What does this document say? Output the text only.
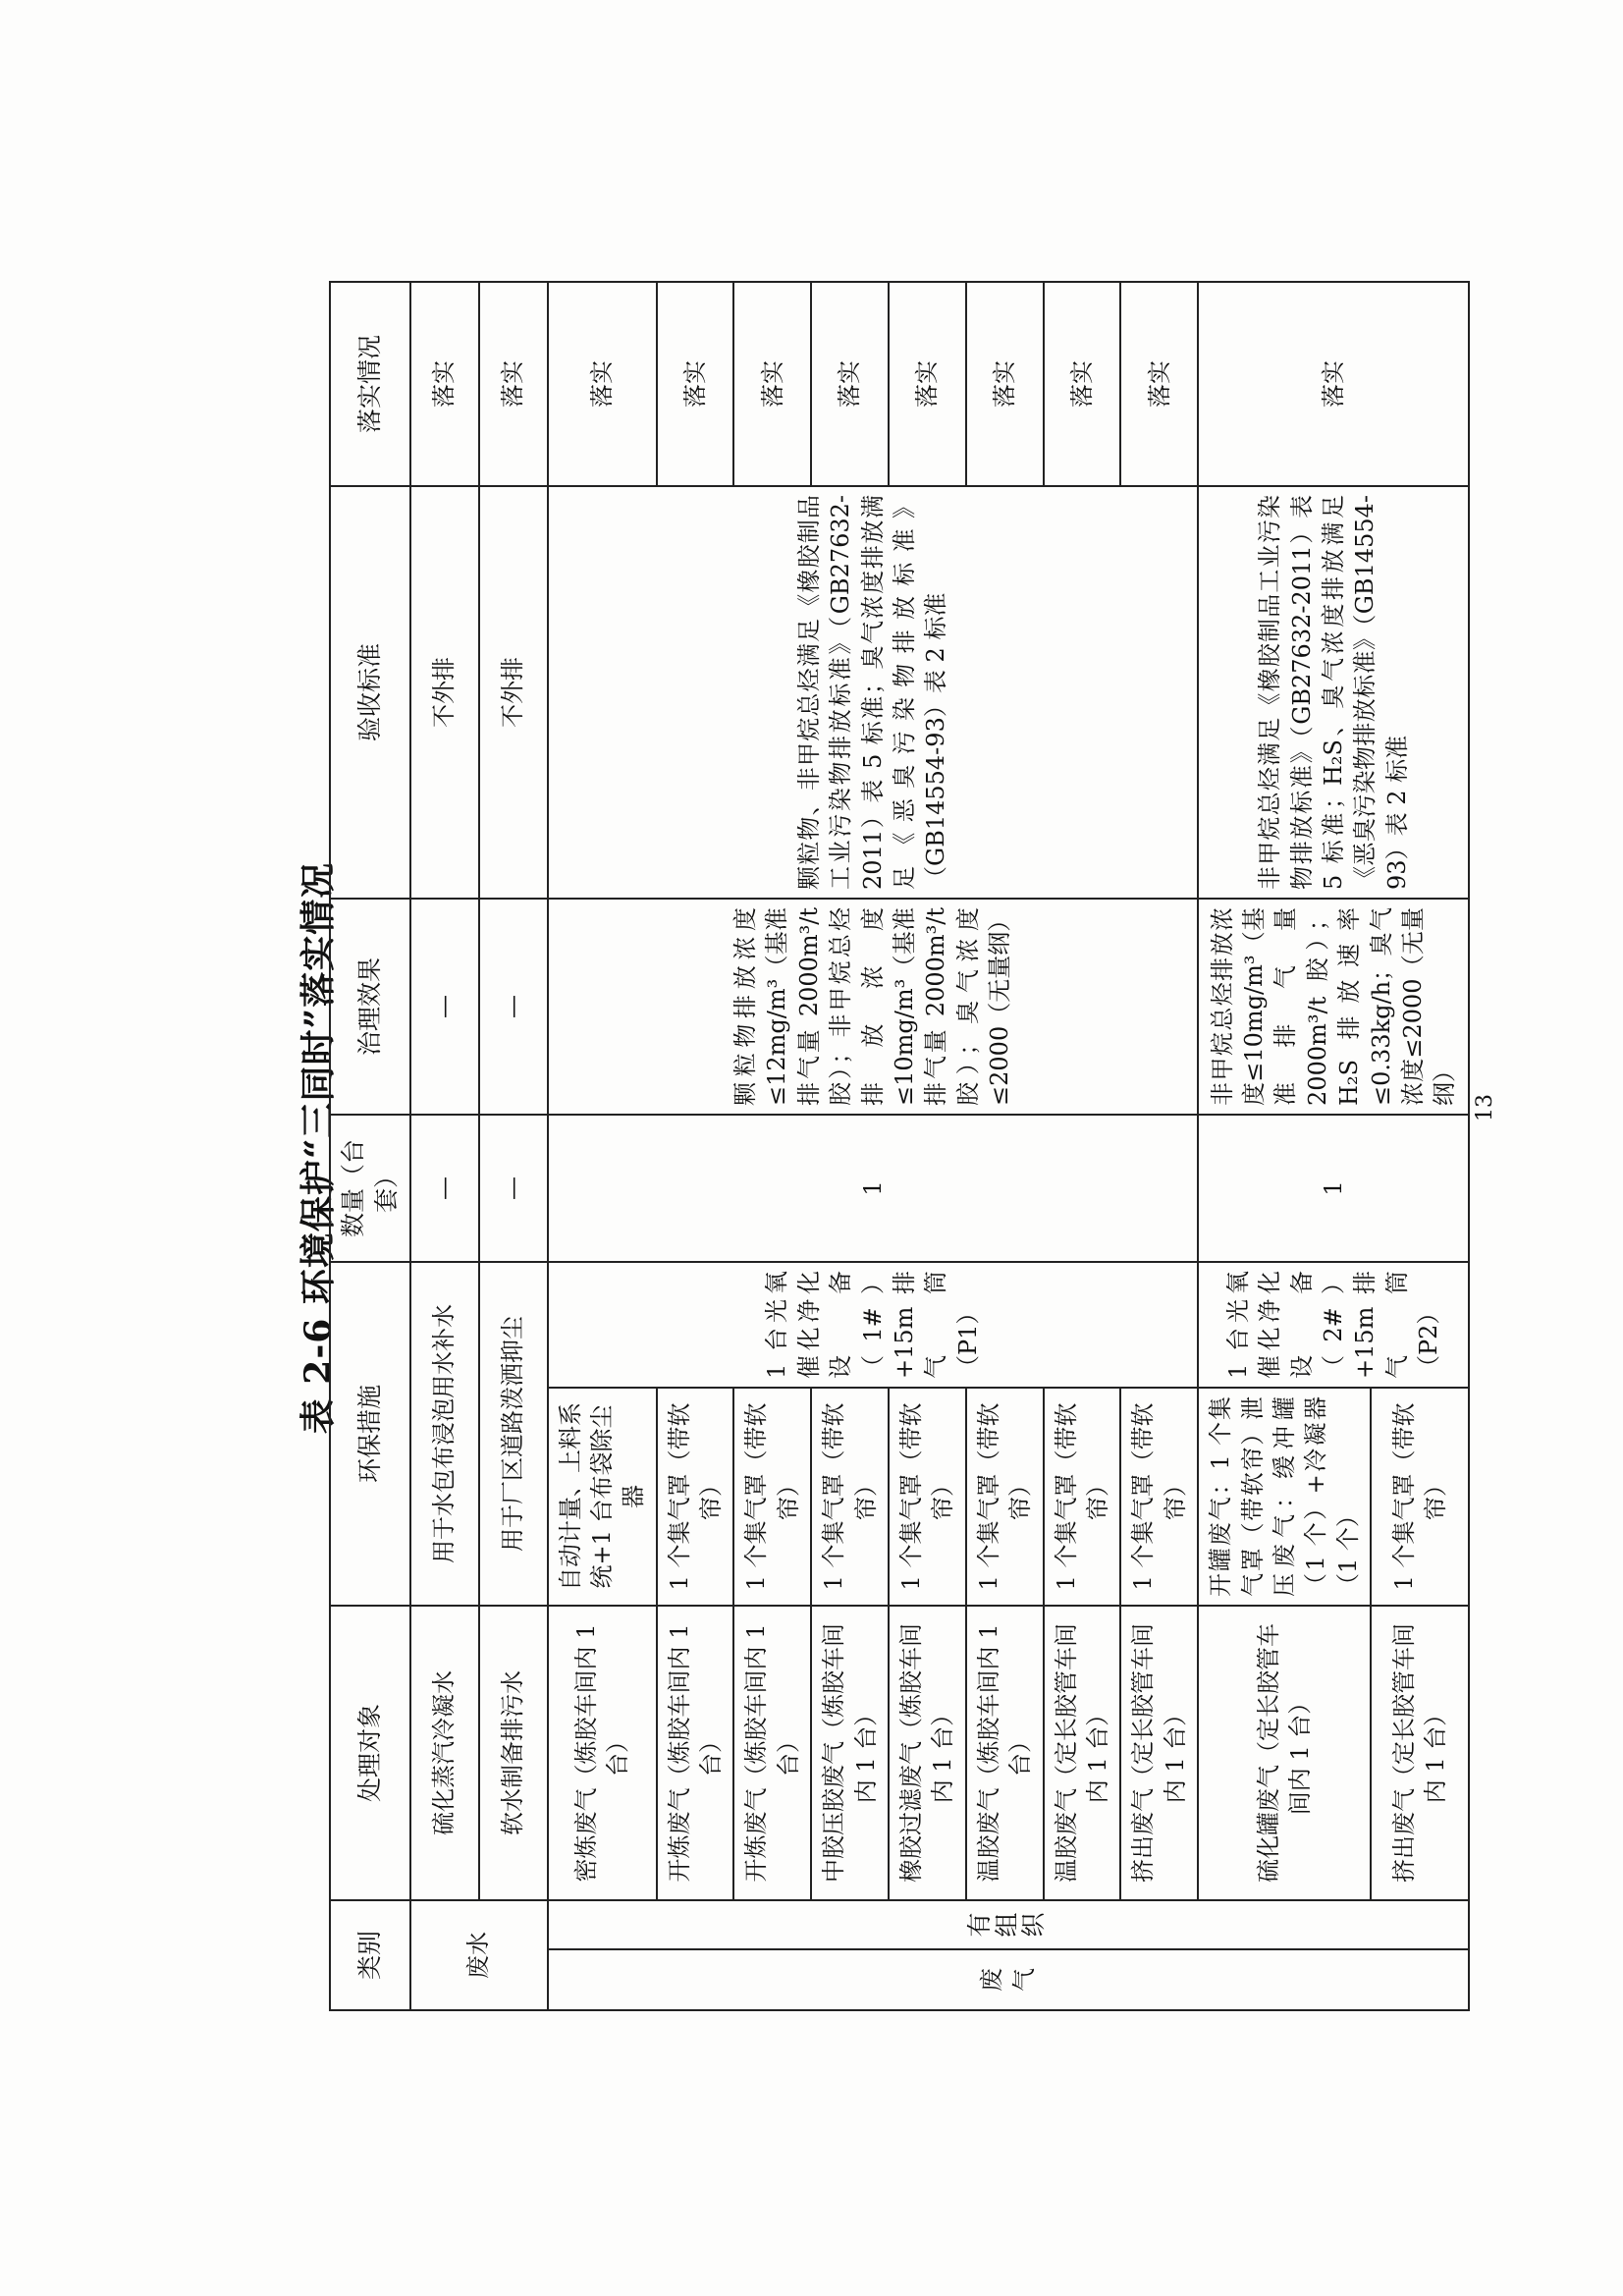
表 2-6 环境保护“三同时”落实情况
类别		处理对象	环保措施		数量（台套）	治理效果	验收标准	落实情况
废水		硫化蒸汽冷凝水	用于水包布浸泡用水补水		—	—	不外排	落实
		软水制备排污水	用于厂区道路泼洒抑尘		—	—	不外排	落实
废气	有组织	密炼废气（炼胶车间内 1 台）	自动计量、上料系统+1 台布袋除尘器	1 台光氧催化净化设备（1#）+15m 排气筒（P1）	1	颗粒物排放浓度≤12mg/m³（基准排气量 2000m³/t 胶）；非甲烷总烃排放浓度≤10mg/m³（基准排气量 2000m³/t 胶）；臭气浓度≤2000（无量纲）	颗粒物、非甲烷总烃满足《橡胶制品工业污染物排放标准》（GB27632-2011）表 5 标准；臭气浓度排放满足《恶臭污染物排放标准》（GB14554-93）表 2 标准	落实
		开炼废气（炼胶车间内 1 台）	1 个集气罩（带软帘）					落实
		开炼废气（炼胶车间内 1 台）	1 个集气罩（带软帘）					落实
		中胶压胶废气（炼胶车间内 1 台）	1 个集气罩（带软帘）					落实
		橡胶过滤废气（炼胶车间内 1 台）	1 个集气罩（带软帘）					落实
		温胶废气（炼胶车间内 1 台）	1 个集气罩（带软帘）					落实
		温胶废气（定长胶管车间内 1 台）	1 个集气罩（带软帘）					落实
		挤出废气（定长胶管车间内 1 台）	1 个集气罩（带软帘）					落实
		硫化罐废气（定长胶管车间内 1 台）	开罐废气：1 个集气罩（带软帘）泄压废气：缓冲罐（1 个）+冷凝器（1 个）	1 台光氧催化净化设备（2#）+15m 排气筒（P2）	1	非甲烷总烃排放浓度≤10mg/m³（基准排气量 2000m³/t 胶）；H₂S 排放速率≤0.33kg/h；臭气浓度≤2000（无量纲）	非甲烷总烃满足《橡胶制品工业污染物排放标准》（GB27632-2011）表 5 标准；H₂S、臭气浓度排放满足《恶臭污染物排放标准》（GB14554-93）表 2 标准	落实
		挤出废气（定长胶管车间内 1 台）	1 个集气罩（带软帘）					
13
